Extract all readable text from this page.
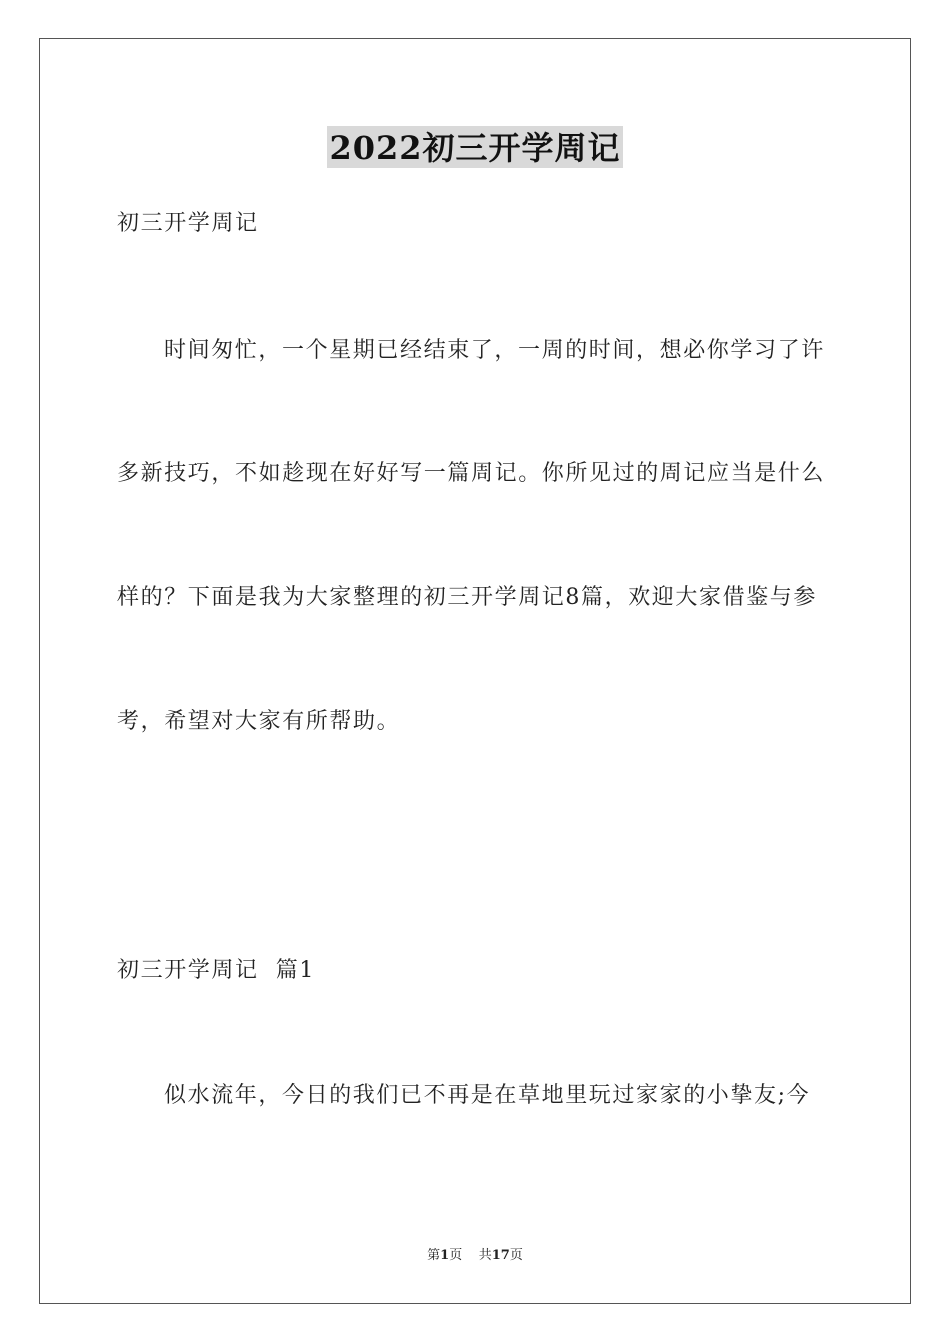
2022初三开学周记
初三开学周记
时间匆忙，一个星期已经结束了，一周的时间，想必你学习了许
多新技巧，不如趁现在好好写一篇周记。你所见过的周记应当是什么
样的？下面是我为大家整理的初三开学周记8篇，欢迎大家借鉴与参
考，希望对大家有所帮助。
初三开学周记  篇1
似水流年，今日的我们已不再是在草地里玩过家家的小挚友;今
第1页 共17页
